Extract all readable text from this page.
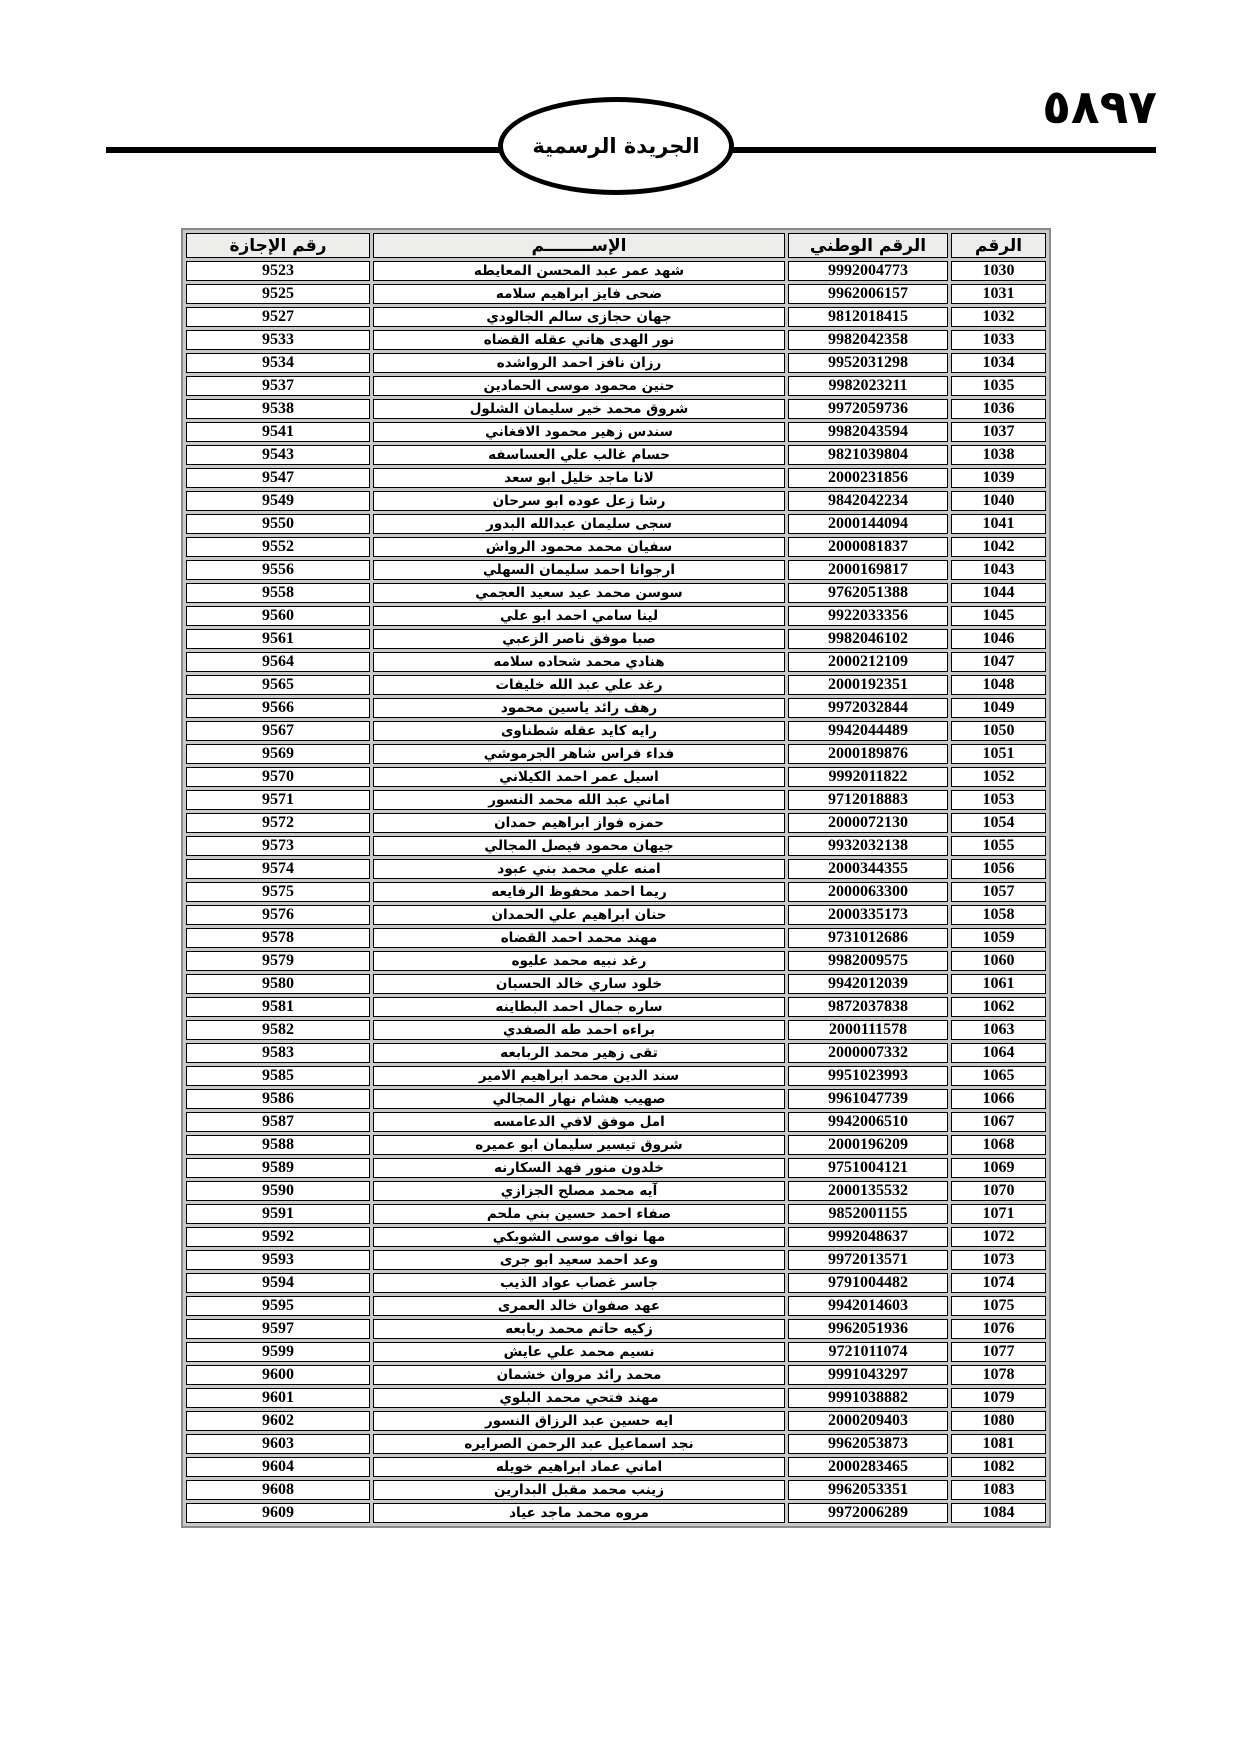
٥٨٩٧
الجريدة الرسمية
الرقم	الرقم الوطني	الإســــــــم	رقم الإجازة
1030	9992004773	شهد عمر عبد المحسن المعايطه	9523
1031	9962006157	ضحى فايز ابراهيم سلامه	9525
1032	9812018415	جهان حجازى سالم الجالودي	9527
1033	9982042358	نور الهدى هاني عقله القضاه	9533
1034	9952031298	رزان نافز احمد الرواشده	9534
1035	9982023211	حنين محمود موسى الحمادين	9537
1036	9972059736	شروق محمد خير سليمان الشلول	9538
1037	9982043594	سندس زهير محمود الافغاني	9541
1038	9821039804	حسام غالب علي العساسفه	9543
1039	2000231856	لانا ماجد خليل ابو سعد	9547
1040	9842042234	رشا زعل عوده ابو سرحان	9549
1041	2000144094	سجى سليمان عبدالله البدور	9550
1042	2000081837	سفيان محمد محمود الرواش	9552
1043	2000169817	ارجوانا احمد سليمان السهلي	9556
1044	9762051388	سوسن محمد عيد سعيد العجمي	9558
1045	9922033356	لينا سامي احمد ابو علي	9560
1046	9982046102	صبا موفق ناصر الزعبي	9561
1047	2000212109	هنادي محمد شحاده سلامه	9564
1048	2000192351	رغد علي عبد الله خليفات	9565
1049	9972032844	رهف رائد ياسين محمود	9566
1050	9942044489	رايه كايد عقله شطناوى	9567
1051	2000189876	فداء فراس شاهر الجرموشي	9569
1052	9992011822	اسيل عمر احمد الكيلاني	9570
1053	9712018883	اماني عبد الله محمد النسور	9571
1054	2000072130	حمزه فواز ابراهيم حمدان	9572
1055	9932032138	جيهان محمود فيصل المجالي	9573
1056	2000344355	امنه علي محمد بني عبود	9574
1057	2000063300	ريما احمد محفوظ الرفايعه	9575
1058	2000335173	حنان ابراهيم علي الحمدان	9576
1059	9731012686	مهند محمد احمد القضاه	9578
1060	9982009575	رغد نبيه محمد عليوه	9579
1061	9942012039	خلود ساري خالد الحسبان	9580
1062	9872037838	ساره جمال احمد البطاينه	9581
1063	2000111578	براءه احمد طه الصفدي	9582
1064	2000007332	تقى زهير محمد الربابعه	9583
1065	9951023993	سند الدين محمد ابراهيم الامير	9585
1066	9961047739	صهيب هشام نهار المجالي	9586
1067	9942006510	امل موفق لافي الدعامسه	9587
1068	2000196209	شروق تيسير سليمان ابو عميره	9588
1069	9751004121	خلدون منور فهد السكارنه	9589
1070	2000135532	آيه محمد مصلح الجزازي	9590
1071	9852001155	صفاء احمد حسين بني ملحم	9591
1072	9992048637	مها نواف موسى الشوبكي	9592
1073	9972013571	وعد احمد سعيد ابو جرى	9593
1074	9791004482	جاسر غصاب عواد الذيب	9594
1075	9942014603	عهد صفوان خالد العمرى	9595
1076	9962051936	زكيه حاتم محمد ربابعه	9597
1077	9721011074	نسيم محمد علي عايش	9599
1078	9991043297	محمد رائد مروان خشمان	9600
1079	9991038882	مهند فتحي محمد البلوي	9601
1080	2000209403	ايه حسين عبد الرزاق النسور	9602
1081	9962053873	نجد اسماعيل عبد الرحمن الصرايره	9603
1082	2000283465	اماني عماد ابراهيم خويله	9604
1083	9962053351	زينب محمد مقبل البدارين	9608
1084	9972006289	مروه محمد ماجد عياد	9609
